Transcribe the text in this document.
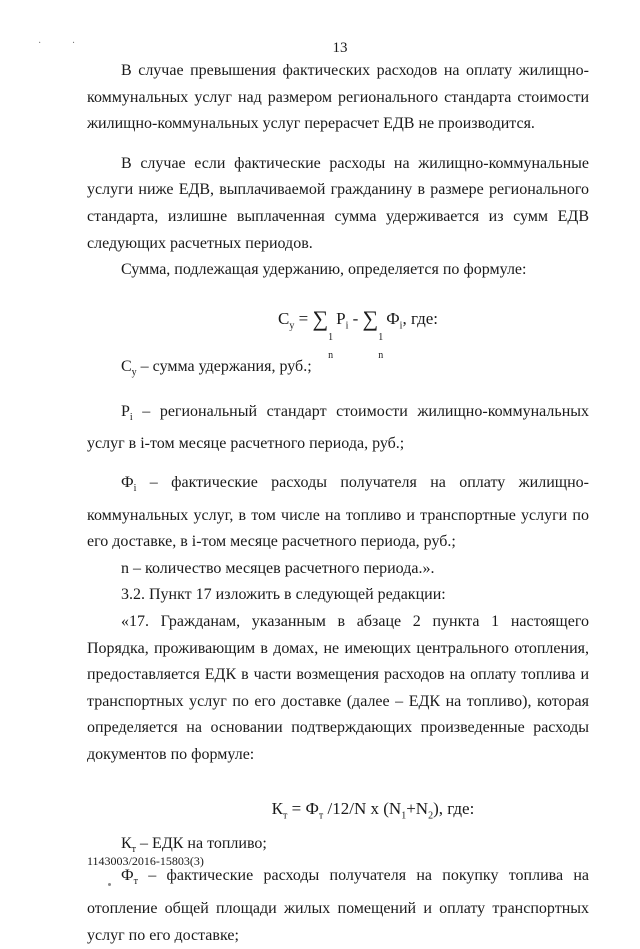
· ·	13

В случае превышения фактических расходов на оплату жилищно-коммунальных услуг над размером регионального стандарта стоимости жилищно-коммунальных услуг перерасчет ЕДВ не производится.

В случае если фактические расходы на жилищно-коммунальные услуги ниже ЕДВ, выплачиваемой гражданину в размере регионального стандарта, излишне выплаченная сумма удерживается из сумм ЕДВ следующих расчетных периодов.

Сумма, подлежащая удержанию, определяется по формуле:

$С_у$ = ∑
1
n
$P_i$ - ∑
1
n
$Ф_i$, где:

$С_у$ – сумма удержания, руб.;

$P_i$ – региональный стандарт стоимости жилищно-коммунальных услуг в i-том месяце расчетного периода, руб.;

$Ф_i$ – фактические расходы получателя на оплату жилищно-коммунальных услуг, в том числе на топливо и транспортные услуги по его доставке, в i-том месяце расчетного периода, руб.;

n – количество месяцев расчетного периода.».

3.2. Пункт 17 изложить в следующей редакции:

«17. Гражданам, указанным в абзаце 2 пункта 1 настоящего Порядка, проживающим в домах, не имеющих центрального отопления, предоставляется ЕДК в части возмещения расходов на оплату топлива и транспортных услуг по его доставке (далее – ЕДК на топливо), которая определяется на основании подтверждающих произведенные расходы документов по формуле:

$К_т = Ф_т$ /12/N x $(N_1+N_2)$, где:

$К_т$ – ЕДК на топливо;

$Ф_т$ – фактические расходы получателя на покупку топлива на отопление общей площади жилых помещений и оплату транспортных услуг по его доставке;

1143003/2016-15803(3)
